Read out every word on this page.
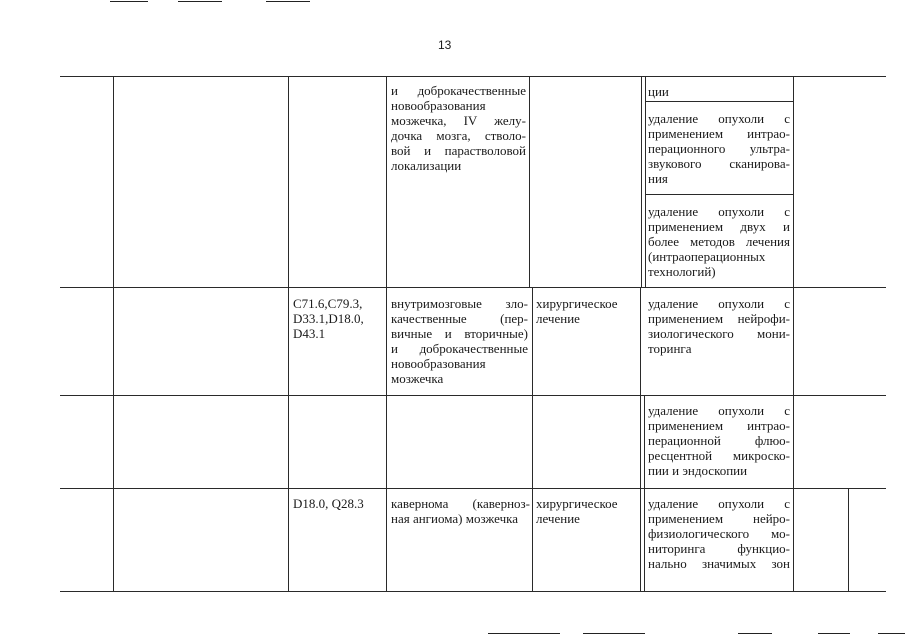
13
и доброкачественные
новообразования
мозжечка, IV желу-
дочка мозга, стволо-
вой и парастволовой
локализации
ции
удаление опухоли с
применением интрао-
перационного ультра-
звукового сканирова-
ния
удаление опухоли с
применением двух и
более методов лечения
(интраоперационных
технологий)
C71.6,C79.3,
D33.1,D18.0,
D43.1
внутримозговые зло-
качественные (пер-
вичные и вторичные)
и доброкачественные
новообразования
мозжечка
хирургическое
лечение
удаление опухоли с
применением нейрофи-
зиологического мони-
торинга
удаление опухоли с
применением интрао-
перационной флюо-
ресцентной микроско-
пии и эндоскопии
D18.0, Q28.3	кавернома (каверноз-
ная ангиома) мозжечка
хирургическое
лечение
удаление опухоли с
применением нейро-
физиологического мо-
ниторинга функцио-
нально значимых зон
